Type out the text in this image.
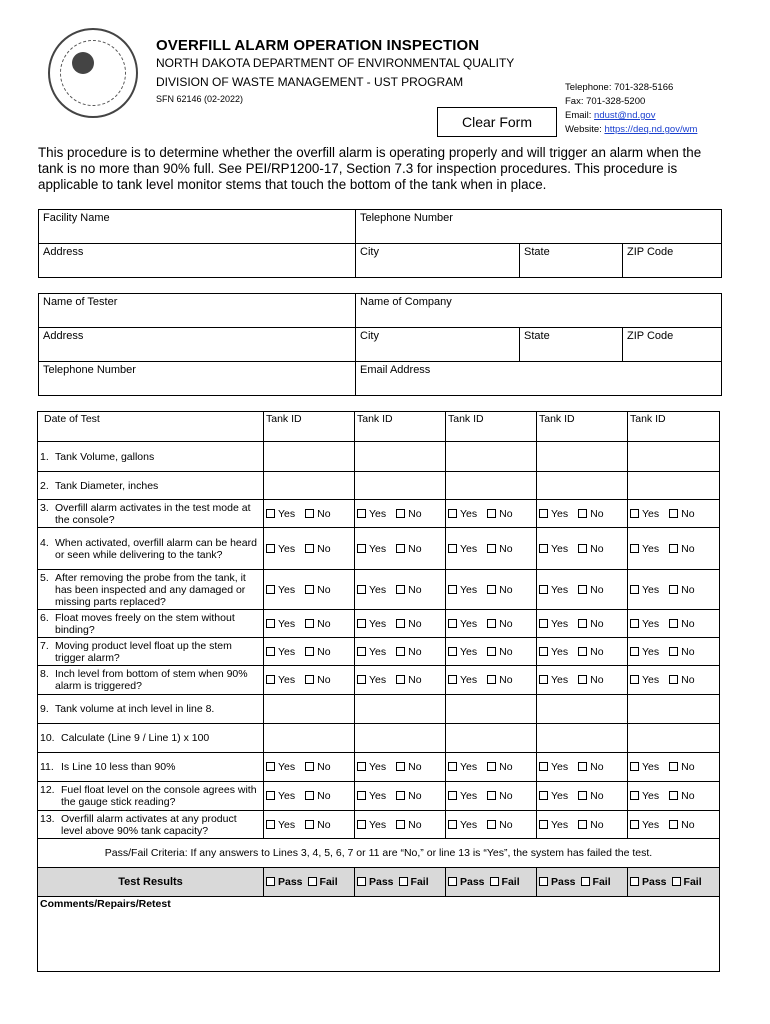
OVERFILL ALARM OPERATION INSPECTION
NORTH DAKOTA DEPARTMENT OF ENVIRONMENTAL QUALITY
DIVISION OF WASTE MANAGEMENT - UST PROGRAM
SFN 62146 (02-2022)
Telephone: 701-328-5166
Fax: 701-328-5200
Email: ndust@nd.gov
Website: https://deq.nd.gov/wm
Clear Form
This procedure is to determine whether the overfill alarm is operating properly and will trigger an alarm when the tank is no more than 90% full. See PEI/RP1200-17, Section 7.3 for inspection procedures. This procedure is applicable to tank level monitor stems that touch the bottom of the tank when in place.
Facility Name	Telephone Number		
Address	City	State	ZIP Code
Name of Tester	Name of Company		
Address	City	State	ZIP Code
Telephone Number	Email Address		
Date of Test	Tank ID	Tank ID	Tank ID	Tank ID	Tank ID

1. Tank Volume, gallons					

2. Tank Diameter, inches					

3. Overfill alarm activates in the test mode at the console?	Yes No	Yes No	Yes No	Yes No	Yes No

4. When activated, overfill alarm can be heard or seen while delivering to the tank?	Yes No	Yes No	Yes No	Yes No	Yes No

5. After removing the probe from the tank, it has been inspected and any damaged or missing parts replaced?	Yes No	Yes No	Yes No	Yes No	Yes No

6. Float moves freely on the stem without binding?	Yes No	Yes No	Yes No	Yes No	Yes No

7. Moving product level float up the stem trigger alarm?	Yes No	Yes No	Yes No	Yes No	Yes No

8. Inch level from bottom of stem when 90% alarm is triggered?	Yes No	Yes No	Yes No	Yes No	Yes No

9. Tank volume at inch level in line 8.					

10. Calculate (Line 9 / Line 1) x 100					

11. Is Line 10 less than 90%	Yes No	Yes No	Yes No	Yes No	Yes No

12. Fuel float level on the console agrees with the gauge stick reading?	Yes No	Yes No	Yes No	Yes No	Yes No

13. Overfill alarm activates at any product level above 90% tank capacity?	Yes No	Yes No	Yes No	Yes No	Yes No
Pass/Fail Criteria: If any answers to Lines 3, 4, 5, 6, 7 or 11 are “No,” or line 13 is “Yes”, the system has failed the test.					
Test Results	Pass Fail	Pass Fail	Pass Fail	Pass Fail	Pass Fail
Comments/Repairs/Retest					
